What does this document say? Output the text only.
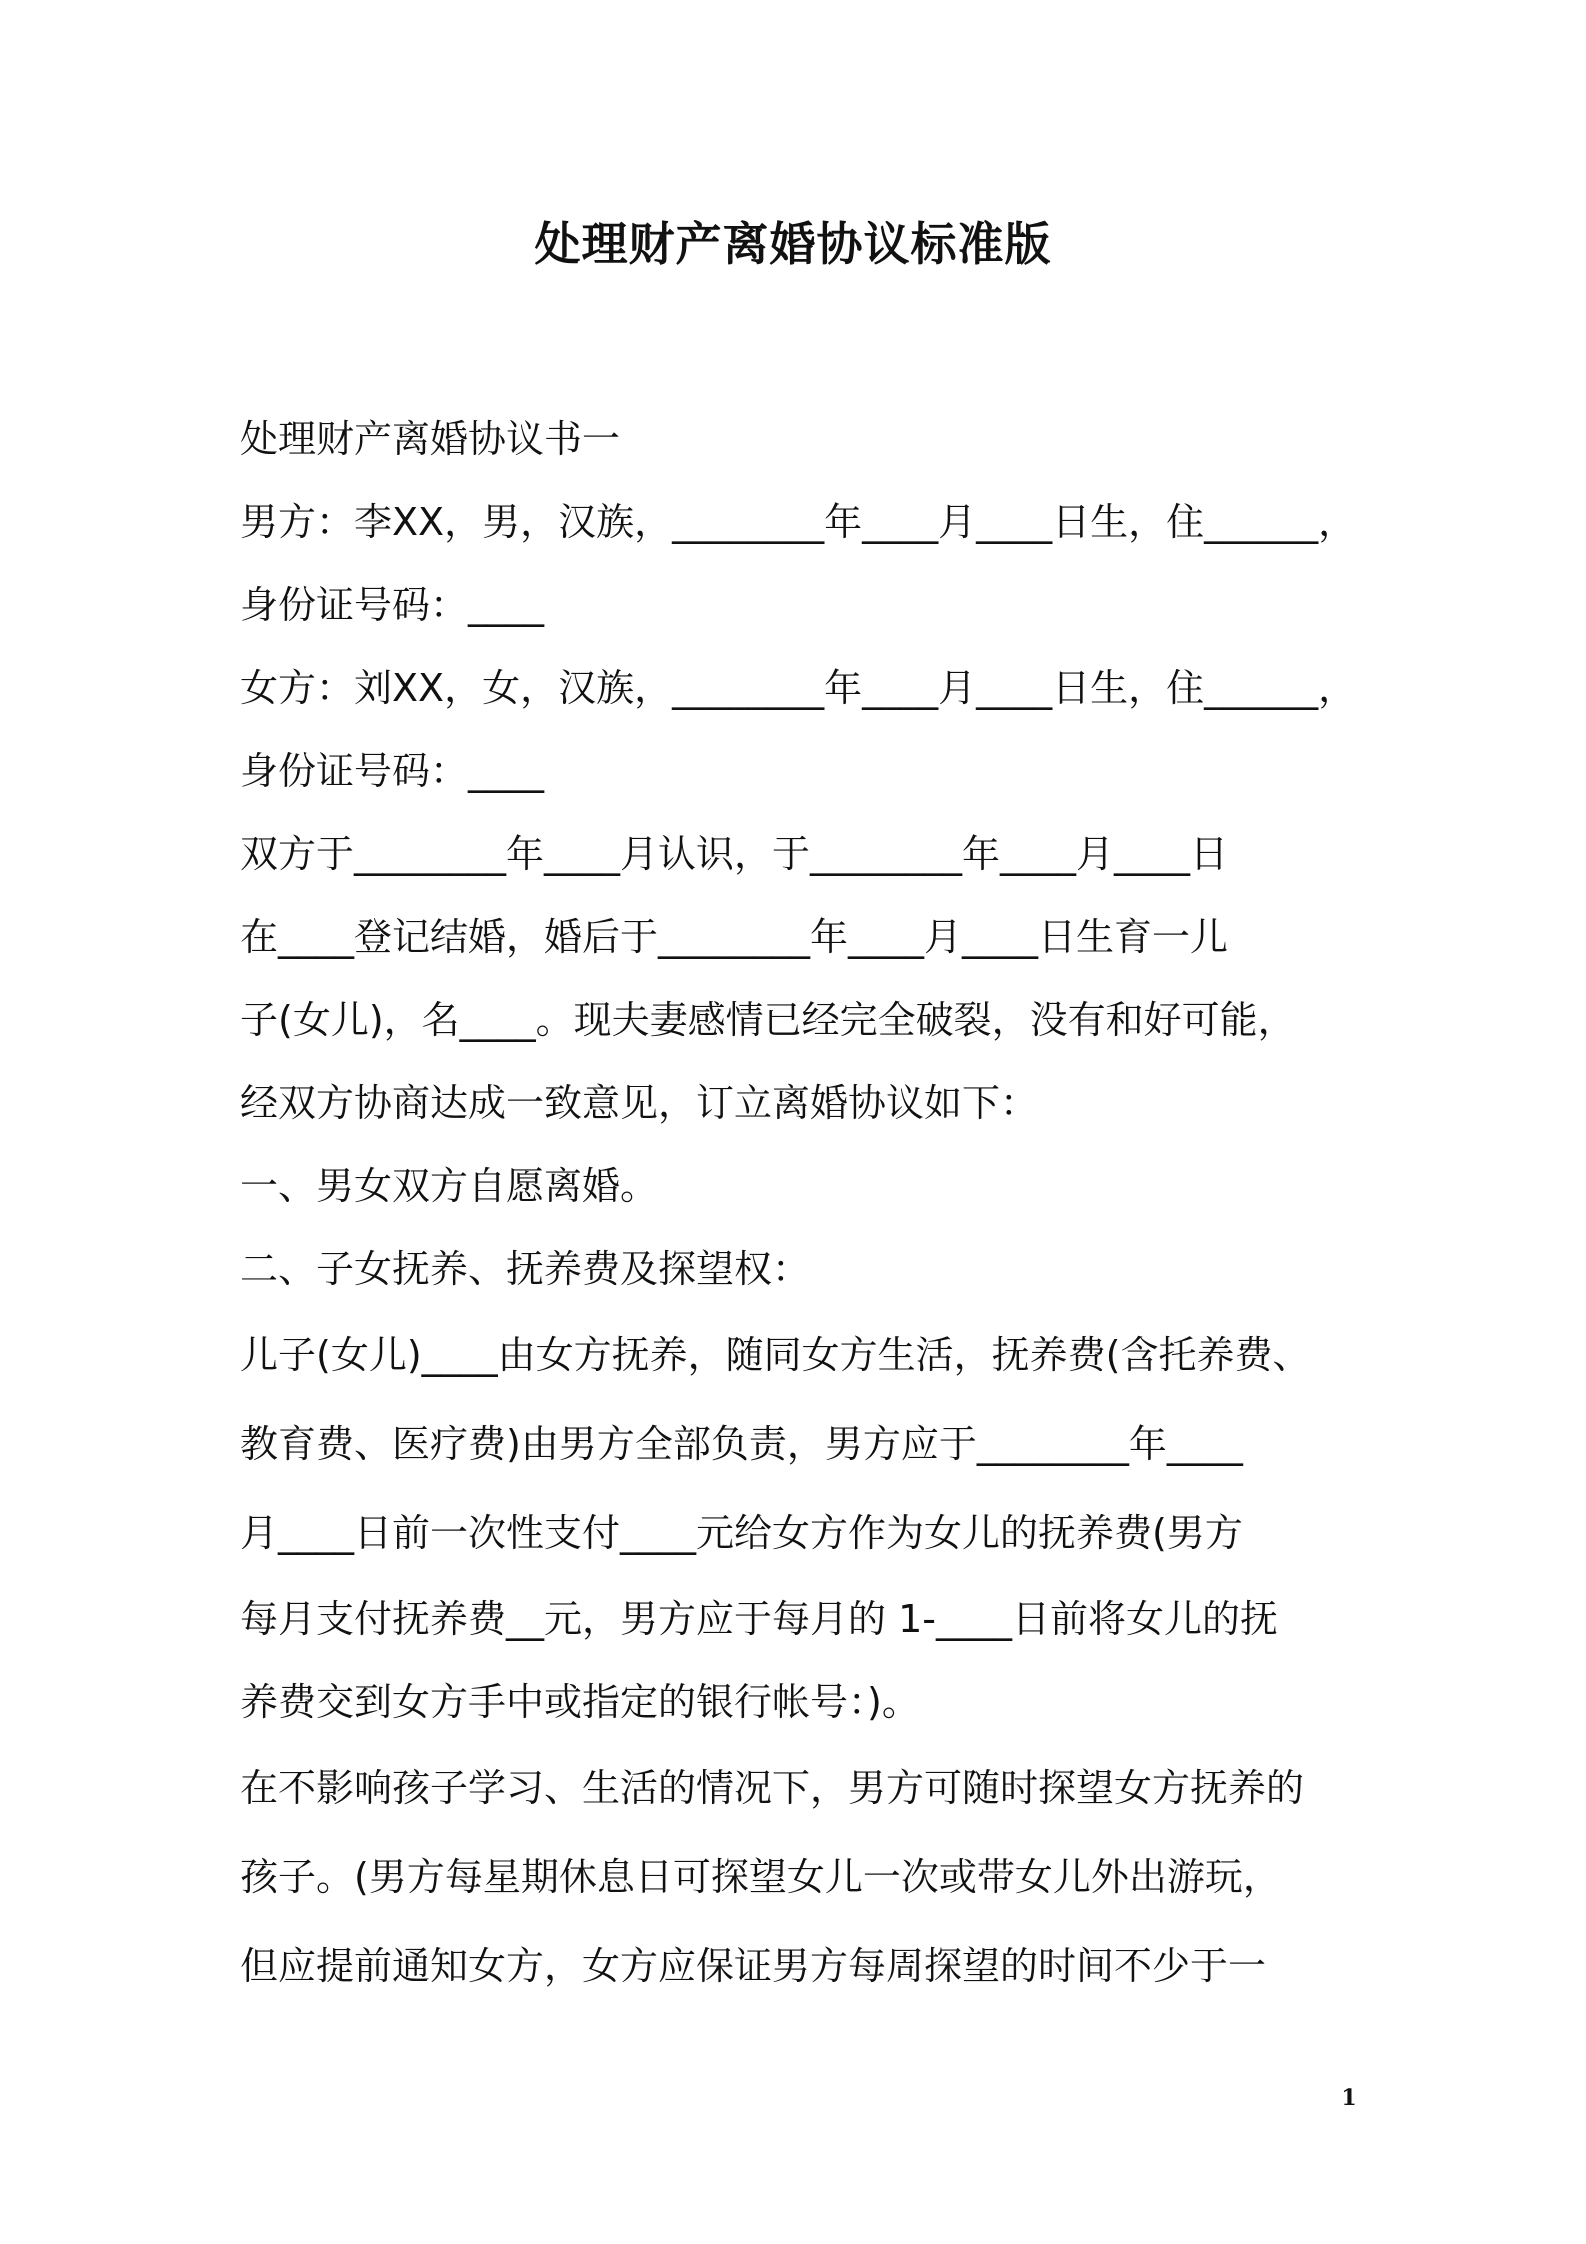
处理财产离婚协议标准版
处理财产离婚协议书一
男方：李XX，男，汉族，________年____月____日生，住______，
身份证号码：____
女方：刘XX，女，汉族，________年____月____日生，住______，
身份证号码：____
双方于________年____月认识，于________年____月____日
在____登记结婚，婚后于________年____月____日生育一儿
子(女儿)，名____。现夫妻感情已经完全破裂，没有和好可能，
经双方协商达成一致意见，订立离婚协议如下：
一、男女双方自愿离婚。
二、子女抚养、抚养费及探望权：
儿子(女儿)____由女方抚养，随同女方生活，抚养费(含托养费、
教育费、医疗费)由男方全部负责，男方应于________年____
月____日前一次性支付____元给女方作为女儿的抚养费(男方
每月支付抚养费__元，男方应于每月的 1-____日前将女儿的抚
养费交到女方手中或指定的银行帐号：)。
在不影响孩子学习、生活的情况下，男方可随时探望女方抚养的
孩子。(男方每星期休息日可探望女儿一次或带女儿外出游玩，
但应提前通知女方，女方应保证男方每周探望的时间不少于一
1
